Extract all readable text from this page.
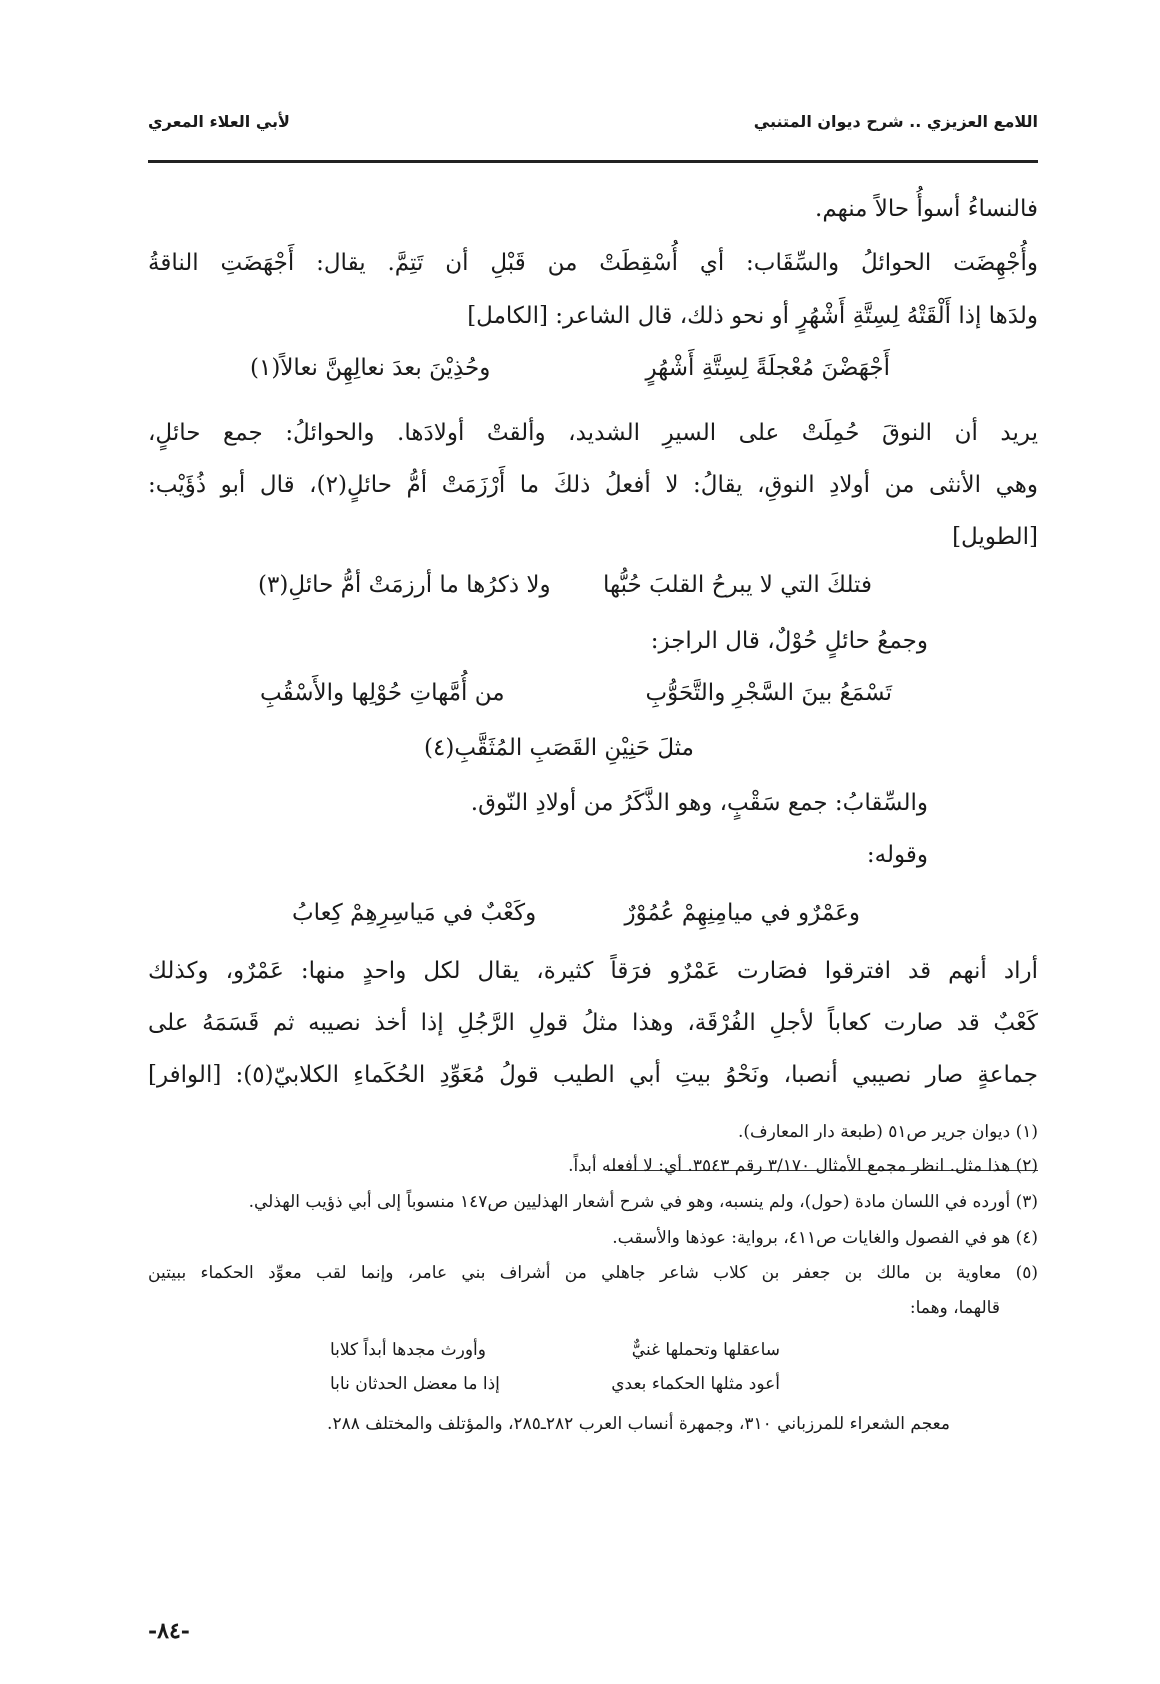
اللامع العزيزي .. شرح ديوان المتنبي
لأبي العلاء المعري
فالنساءُ أسوأُ حالاً منهم.
وأُجْهِضَت الحوائلُ والسِّقَاب: أي أُسْقِطَتْ من قَبْلِ أن تَتِمَّ. يقال: أَجْهَضَتِ الناقةُ
ولدَها إذا أَلْقَتْهُ لِسِتَّةِ أَشْهُرٍ أو نحو ذلك، قال الشاعر: [الكامل]
أَجْهَضْنَ مُعْجلَةً لِسِتَّةِ أَشْهُرٍ
وحُذِيْنَ بعدَ نعالِهِنَّ نعالاً(١)
يريد أن النوقَ حُمِلَتْ على السيرِ الشديد، وألقتْ أولادَها. والحوائلُ: جمع حائلٍ،
وهي الأنثى من أولادِ النوقِ، يقالُ: لا أفعلُ ذلكَ ما أَرْزَمَتْ أمُّ حائلٍ(٢)، قال أبو ذُؤَيْب:
[الطويل]
فتلكَ التي لا يبرحُ القلبَ حُبُّها
ولا ذكرُها ما أرزمَتْ أمُّ حائلِ(٣)
وجمعُ حائلٍ حُوْلٌ، قال الراجز:
تَسْمَعُ بينَ السَّجْرِ والتَّحَوُّبِ
من أُمَّهاتِ حُوْلِها والأَسْقُبِ
مثلَ حَنِيْنِ القَصَبِ المُثَقَّبِ(٤)
والسِّقابُ: جمع سَقْبٍ، وهو الذَّكَرُ من أولادِ النّوق.
وقوله:
وعَمْرٌو في ميامِنِهِمْ عُمُوْرٌ
وكَعْبٌ في مَياسِرِهِمْ كِعابُ
أراد أنهم قد افترقوا فصَارت عَمْرٌو فرَقاً كثيرة، يقال لكل واحدٍ منها: عَمْرٌو، وكذلك
كَعْبٌ قد صارت كعاباً لأجلِ الفُرْقَة، وهذا مثلُ قولِ الرَّجُلِ إذا أخذ نصيبه ثم قَسَمَهُ على
جماعةٍ صار نصيبي أنصبا، ونَحْوُ بيتِ أبي الطيب قولُ مُعَوِّدِ الحُكَماءِ الكلابيّ(٥): [الوافر]
(١) ديوان جرير ص٥١ (طبعة دار المعارف).
(٢) هذا مثل. انظر مجمع الأمثال ٣/١٧٠ رقم ٣٥٤٣. أي: لا أفعله أبداً.
(٣) أورده في اللسان مادة (حول)، ولم ينسبه، وهو في شرح أشعار الهذليين ص١٤٧ منسوباً إلى أبي ذؤيب الهذلي.
(٤) هو في الفصول والغايات ص٤١١، برواية: عوذها والأسقب.
(٥) معاوية بن مالك بن جعفر بن كلاب شاعر جاهلي من أشراف بني عامر، وإنما لقب معوِّد الحكماء ببيتين
قالهما، وهما:
ساعقلها وتحملها غنيٌّ
وأورث مجدها أبداً كلابا
أعود مثلها الحكماء بعدي
إذا ما معضل الحدثان نابا
معجم الشعراء للمرزباني ٣١٠، وجمهرة أنساب العرب ٢٨٢ـ٢٨٥، والمؤتلف والمختلف ٢٨٨.
-٨٤-
